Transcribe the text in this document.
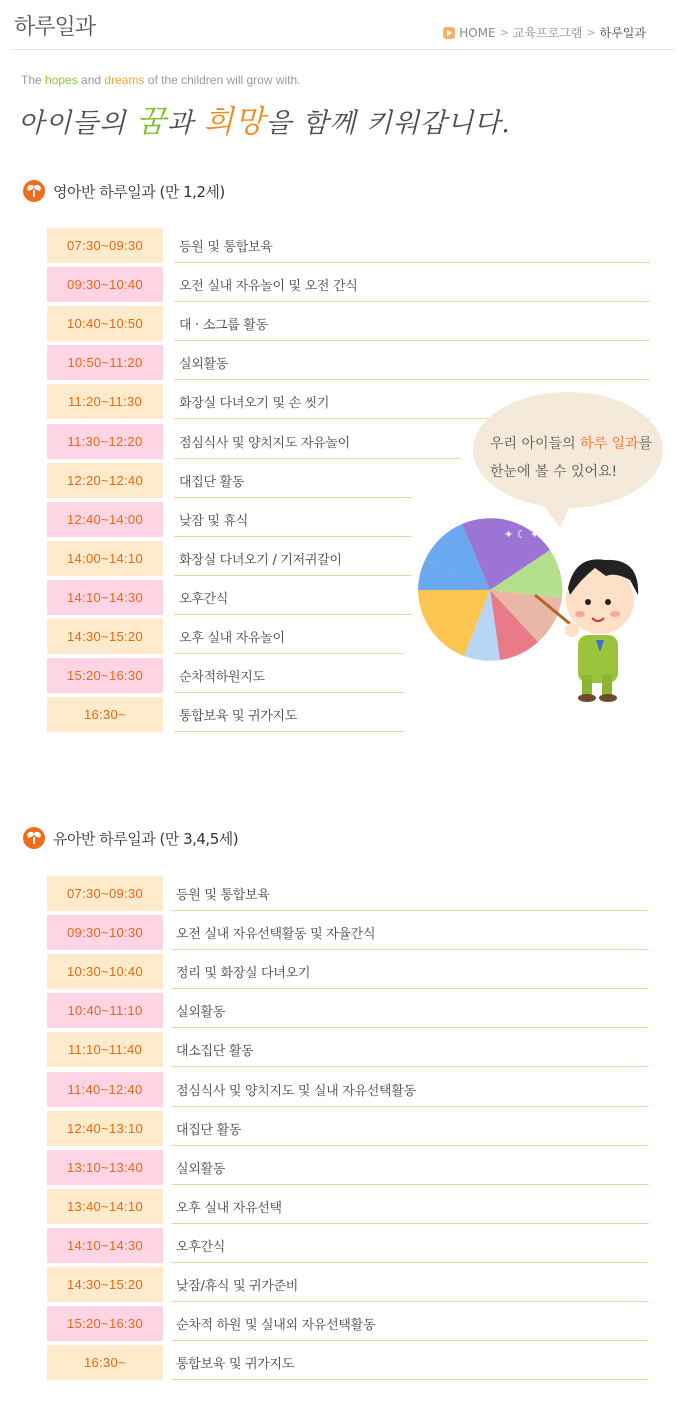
하루일과	HOME > 교육프로그램 > 하루일과
The hopes and dreams of the children will grow with.
아이들의 꿈과 희망을 함께 키워갑니다.
영아반 하루일과 (만 1,2세)
07:30~09:30	등원 및 통합보육
09:30~10:40	오전 실내 자유놀이 및 오전 간식
10:40~10:50	대 · 소그룹 활동
10:50~11:20	실외활동
11:20~11:30	화장실 다녀오기 및 손 씻기
11:30~12:20	점심식사 및 양치지도 자유놀이
12:20~12:40	대집단 활동
12:40~14:00	낮잠 및 휴식
14:00~14:10	화장실 다녀오기 / 기저귀갈이
14:10~14:30	오후간식
14:30~15:20	오후 실내 자유놀이
15:20~16:30	순차적하원지도
16:30~	통합보육 및 귀가지도
유아반 하루일과 (만 3,4,5세)
07:30~09:30	등원 및 통합보육
09:30~10:30	오전 실내 자유선택활동 및 자율간식
10:30~10:40	정리 및 화장실 다녀오기
10:40~11:10	실외활동
11:10~11:40	대소집단 활동
11:40~12:40	점심식사 및 양치지도 및 실내 자유선택활동
12:40~13:10	대집단 활동
13:10~13:40	실외활동
13:40~14:10	오후 실내 자유선택
14:10~14:30	오후간식
14:30~15:20	낮잠/휴식 및 귀가준비
15:20~16:30	순차적 하원 및 실내외 자유선택활동
16:30~	통합보육 및 귀가지도
우리 아이들의 하루 일과를
한눈에 볼 수 있어요!
✦ ☾ ✦
